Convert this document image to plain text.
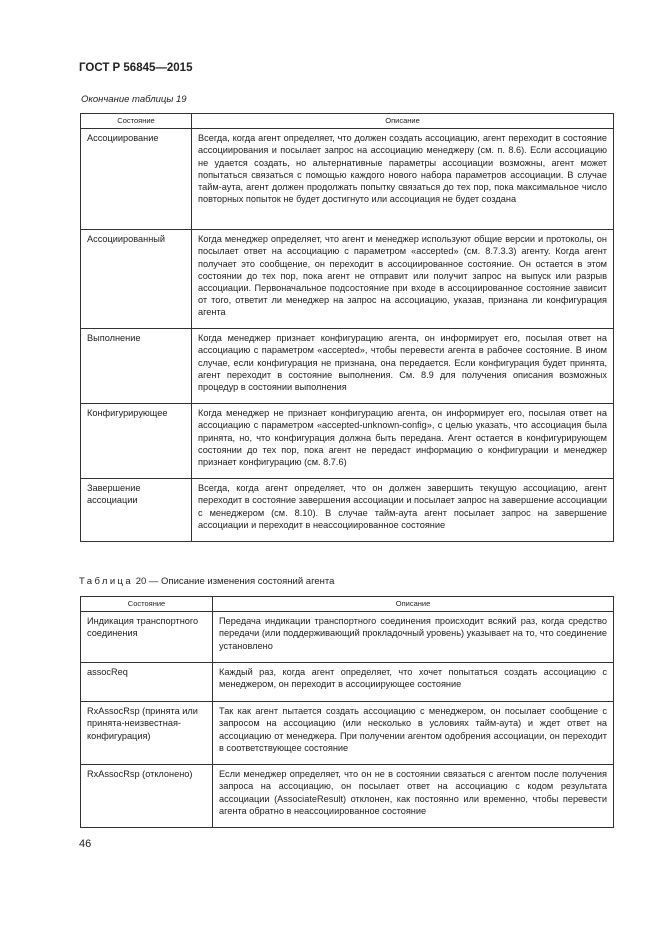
ГОСТ Р 56845—2015
Окончание таблицы 19
Состояние	Описание
Ассоциирование	Всегда, когда агент определяет, что должен создать ассоциацию, агент переходит в состояние ассоциирования и посылает запрос на ассоциацию менеджеру (см. п. 8.6). Если ассоциацию не удается создать, но альтернативные параметры ассоциации возможны, агент может попытаться связаться с помощью каждого нового набора параметров ассоциации. В случае тайм-аута, агент должен продолжать попытку связаться до тех пор, пока максимальное число повторных попыток не будет достигнуто или ассоциация не будет создана
Ассоциированный	Когда менеджер определяет, что агент и менеджер используют общие версии и протоколы, он посылает ответ на ассоциацию с параметром «accepted» (см. 8.7.3.3) агенту. Когда агент получает это сообщение, он переходит в ассоциированное состояние. Он остается в этом состоянии до тех пор, пока агент не отправит или получит запрос на выпуск или разрыв ассоциации. Первоначальное подсостояние при входе в ассоциированное состояние зависит от того, ответит ли менеджер на запрос на ассоциацию, указав, признана ли конфигурация агента
Выполнение	Когда менеджер признает конфигурацию агента, он информирует его, посылая ответ на ассоциацию с параметром «accepted», чтобы перевести агента в рабочее состояние. В ином случае, если конфигурация не признана, она передается. Если конфигурация будет принята, агент переходит в состояние выполнения. См. 8.9 для получения описания возможных процедур в состоянии выполнения
Конфигурирующее	Когда менеджер не признает конфигурацию агента, он информирует его, посылая ответ на ассоциацию с параметром «accepted-unknown-config», с целью указать, что ассоциация была принята, но, что конфигурация должна быть передана. Агент остается в конфигурирующем состоянии до тех пор, пока агент не передаст информацию о конфигурации и менеджер признает конфигурацию (см. 8.7.6)
Завершение ассоциации	Всегда, когда агент определяет, что он должен завершить текущую ассоциацию, агент переходит в состояние завершения ассоциации и посылает запрос на завершение ассоциации с менеджером (см. 8.10). В случае тайм-аута агент посылает запрос на завершение ассоциации и переходит в неассоциированное состояние
Таблица 20 — Описание изменения состояний агента
Состояние	Описание
Индикация транспортного соединения	Передача индикации транспортного соединения происходит всякий раз, когда средство передачи (или поддерживающий прокладочный уровень) указывает на то, что соединение установлено
assocReq	Каждый раз, когда агент определяет, что хочет попытаться создать ассоциацию с менеджером, он переходит в ассоциирующее состояние
RxAssocRsp (принята или принята-неизвестная-конфигурация)	Так как агент пытается создать ассоциацию с менеджером, он посылает сообщение с запросом на ассоциацию (или несколько в условиях тайм-аута) и ждет ответ на ассоциацию от менеджера. При получении агентом одобрения ассоциации, он переходит в соответствующее состояние
RxAssocRsp (отклонено)	Если менеджер определяет, что он не в состоянии связаться с агентом после получения запроса на ассоциацию, он посылает ответ на ассоциацию с кодом результата ассоциации (AssociateResult) отклонен, как постоянно или временно, чтобы перевести агента обратно в неассоциированное состояние
46
